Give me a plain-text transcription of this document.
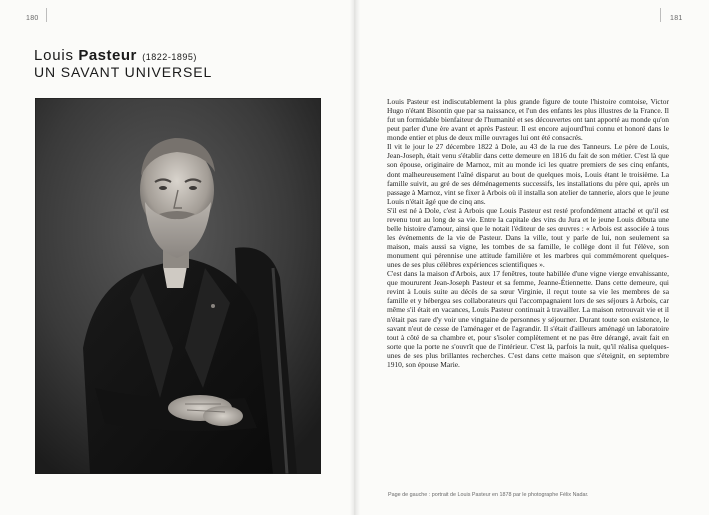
180	181
Louis Pasteur (1822-1895)
UN SAVANT UNIVERSEL

Louis Pasteur est indiscutablement la plus grande figure de toute l'histoire comtoise, Victor Hugo n'étant Bisontin que par sa naissance, et l'un des enfants les plus illustres de la France. Il fut un formidable bienfaiteur de l'humanité et ses découvertes ont tant apporté au monde qu'on peut parler d'une ère avant et après Pasteur. Il est encore aujourd'hui connu et honoré dans le monde entier et plus de deux mille ouvrages lui ont été consacrés.

Il vit le jour le 27 décembre 1822 à Dole, au 43 de la rue des Tanneurs. Le père de Louis, Jean-Joseph, était venu s'établir dans cette demeure en 1816 du fait de son métier. C'est là que son épouse, originaire de Marnoz, mit au monde ici les quatre premiers de ses cinq enfants, dont malheureusement l'aîné disparut au bout de quelques mois, Louis étant le troisième. La famille suivit, au gré de ses déménagements successifs, les installations du père qui, après un passage à Marnoz, vint se fixer à Arbois où il installa son atelier de tannerie, alors que le jeune Louis n'était âgé que de cinq ans.

S'il est né à Dole, c'est à Arbois que Louis Pasteur est resté profondément attaché et qu'il est revenu tout au long de sa vie. Entre la capitale des vins du Jura et le jeune Louis débuta une belle histoire d'amour, ainsi que le notait l'éditeur de ses œuvres : « Arbois est associée à tous les événements de la vie de Pasteur. Dans la ville, tout y parle de lui, non seulement sa maison, mais aussi sa vigne, les tombes de sa famille, le collège dont il fut l'élève, son monument qui pérennise une attitude familière et les marbres qui commémorent quelques-unes de ses plus célèbres expériences scientifiques ».

C'est dans la maison d'Arbois, aux 17 fenêtres, toute habillée d'une vigne vierge envahissante, que moururent Jean-Joseph Pasteur et sa femme, Jeanne-Étiennette. Dans cette demeure, qui revint à Louis suite au décès de sa sœur Virginie, il reçut toute sa vie les membres de sa famille et y hébergea ses collaborateurs qui l'accompagnaient lors de ses séjours à Arbois, car même s'il était en vacances, Louis Pasteur continuait à travailler. La maison retrouvait vie et il n'était pas rare d'y voir une vingtaine de personnes y séjourner. Durant toute son existence, le savant n'eut de cesse de l'aménager et de l'agrandir. Il s'était d'ailleurs aménagé un laboratoire tout à côté de sa chambre et, pour s'isoler complètement et ne pas être dérangé, avait fait en sorte que la porte ne s'ouvrît que de l'intérieur. C'est là, parfois la nuit, qu'il réalisa quelques-unes de ses plus brillantes recherches. C'est dans cette maison que s'éteignit, en septembre 1910, son épouse Marie.

Page de gauche : portrait de Louis Pasteur en 1878 par le photographe Félix Nadar.
